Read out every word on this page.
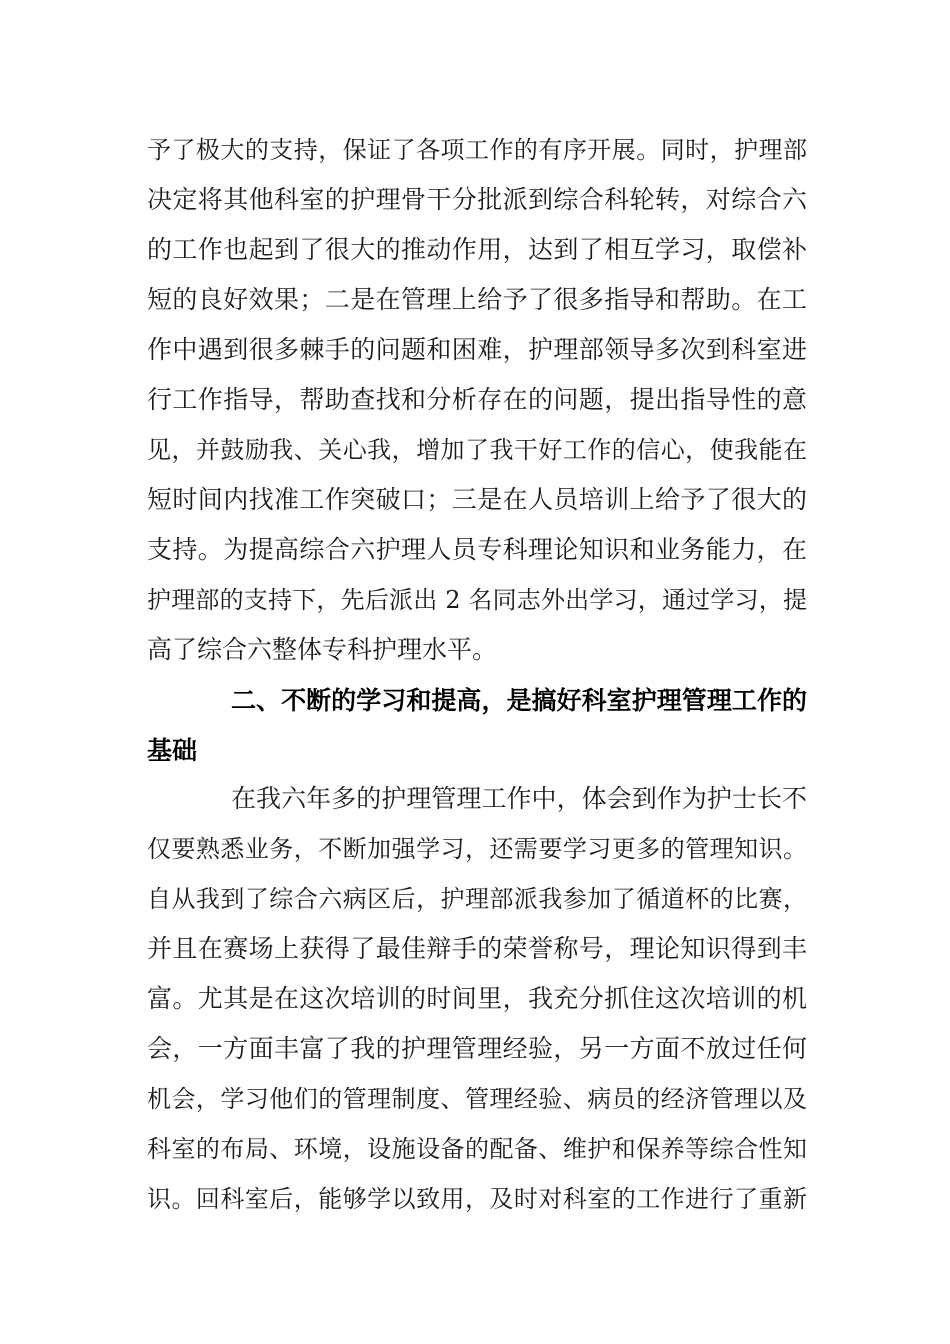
予了极大的支持，保证了各项工作的有序开展。同时，护理部
决定将其他科室的护理骨干分批派到综合科轮转，对综合六
的工作也起到了很大的推动作用，达到了相互学习，取偿补
短的良好效果；二是在管理上给予了很多指导和帮助。在工
作中遇到很多棘手的问题和困难，护理部领导多次到科室进
行工作指导，帮助查找和分析存在的问题，提出指导性的意
见，并鼓励我、关心我，增加了我干好工作的信心，使我能在
短时间内找准工作突破口；三是在人员培训上给予了很大的
支持。为提高综合六护理人员专科理论知识和业务能力，在
护理部的支持下，先后派出 2 名同志外出学习，通过学习，提
高了综合六整体专科护理水平。
二、不断的学习和提高，是搞好科室护理管理工作的
基础
在我六年多的护理管理工作中，体会到作为护士长不
仅要熟悉业务，不断加强学习，还需要学习更多的管理知识。
自从我到了综合六病区后，护理部派我参加了循道杯的比赛，
并且在赛场上获得了最佳辩手的荣誉称号，理论知识得到丰
富。尤其是在这次培训的时间里，我充分抓住这次培训的机
会，一方面丰富了我的护理管理经验，另一方面不放过任何
机会，学习他们的管理制度、管理经验、病员的经济管理以及
科室的布局、环境，设施设备的配备、维护和保养等综合性知
识。回科室后，能够学以致用，及时对科室的工作进行了重新
